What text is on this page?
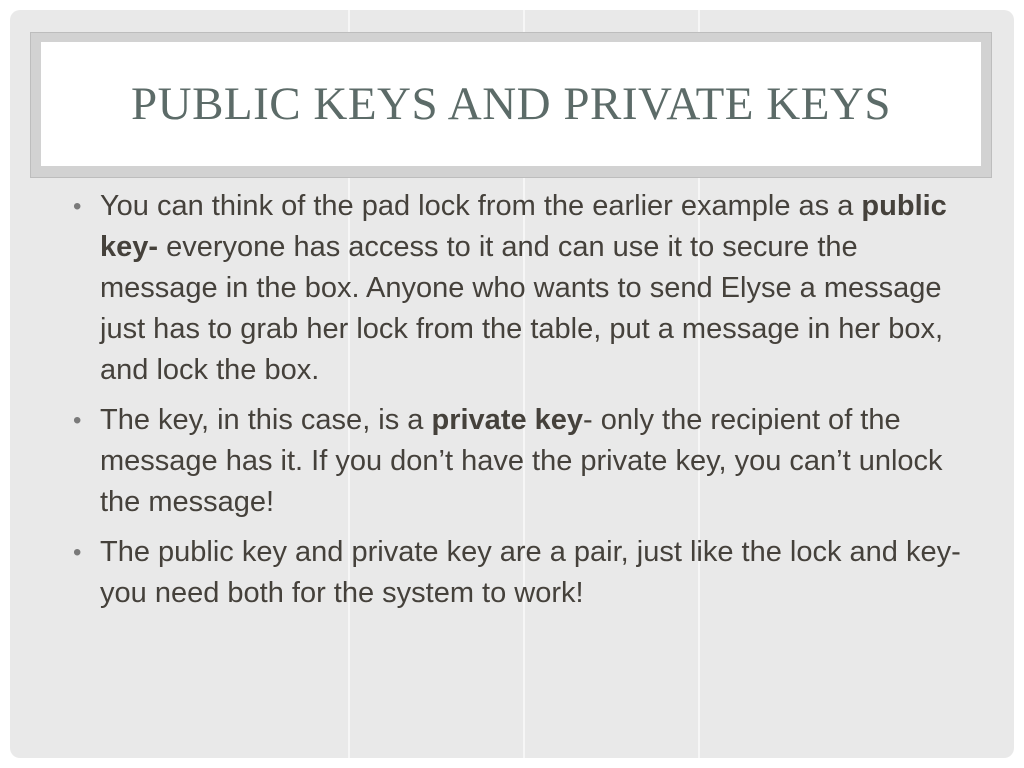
PUBLIC KEYS AND PRIVATE KEYS
• You can think of the pad lock from the earlier example as a public key- everyone has access to it and can use it to secure the message in the box. Anyone who wants to send Elyse a message just has to grab her lock from the table, put a message in her box, and lock the box.
• The key, in this case, is a private key- only the recipient of the message has it. If you don’t have the private key, you can’t unlock the message!
• The public key and private key are a pair, just like the lock and key- you need both for the system to work!
